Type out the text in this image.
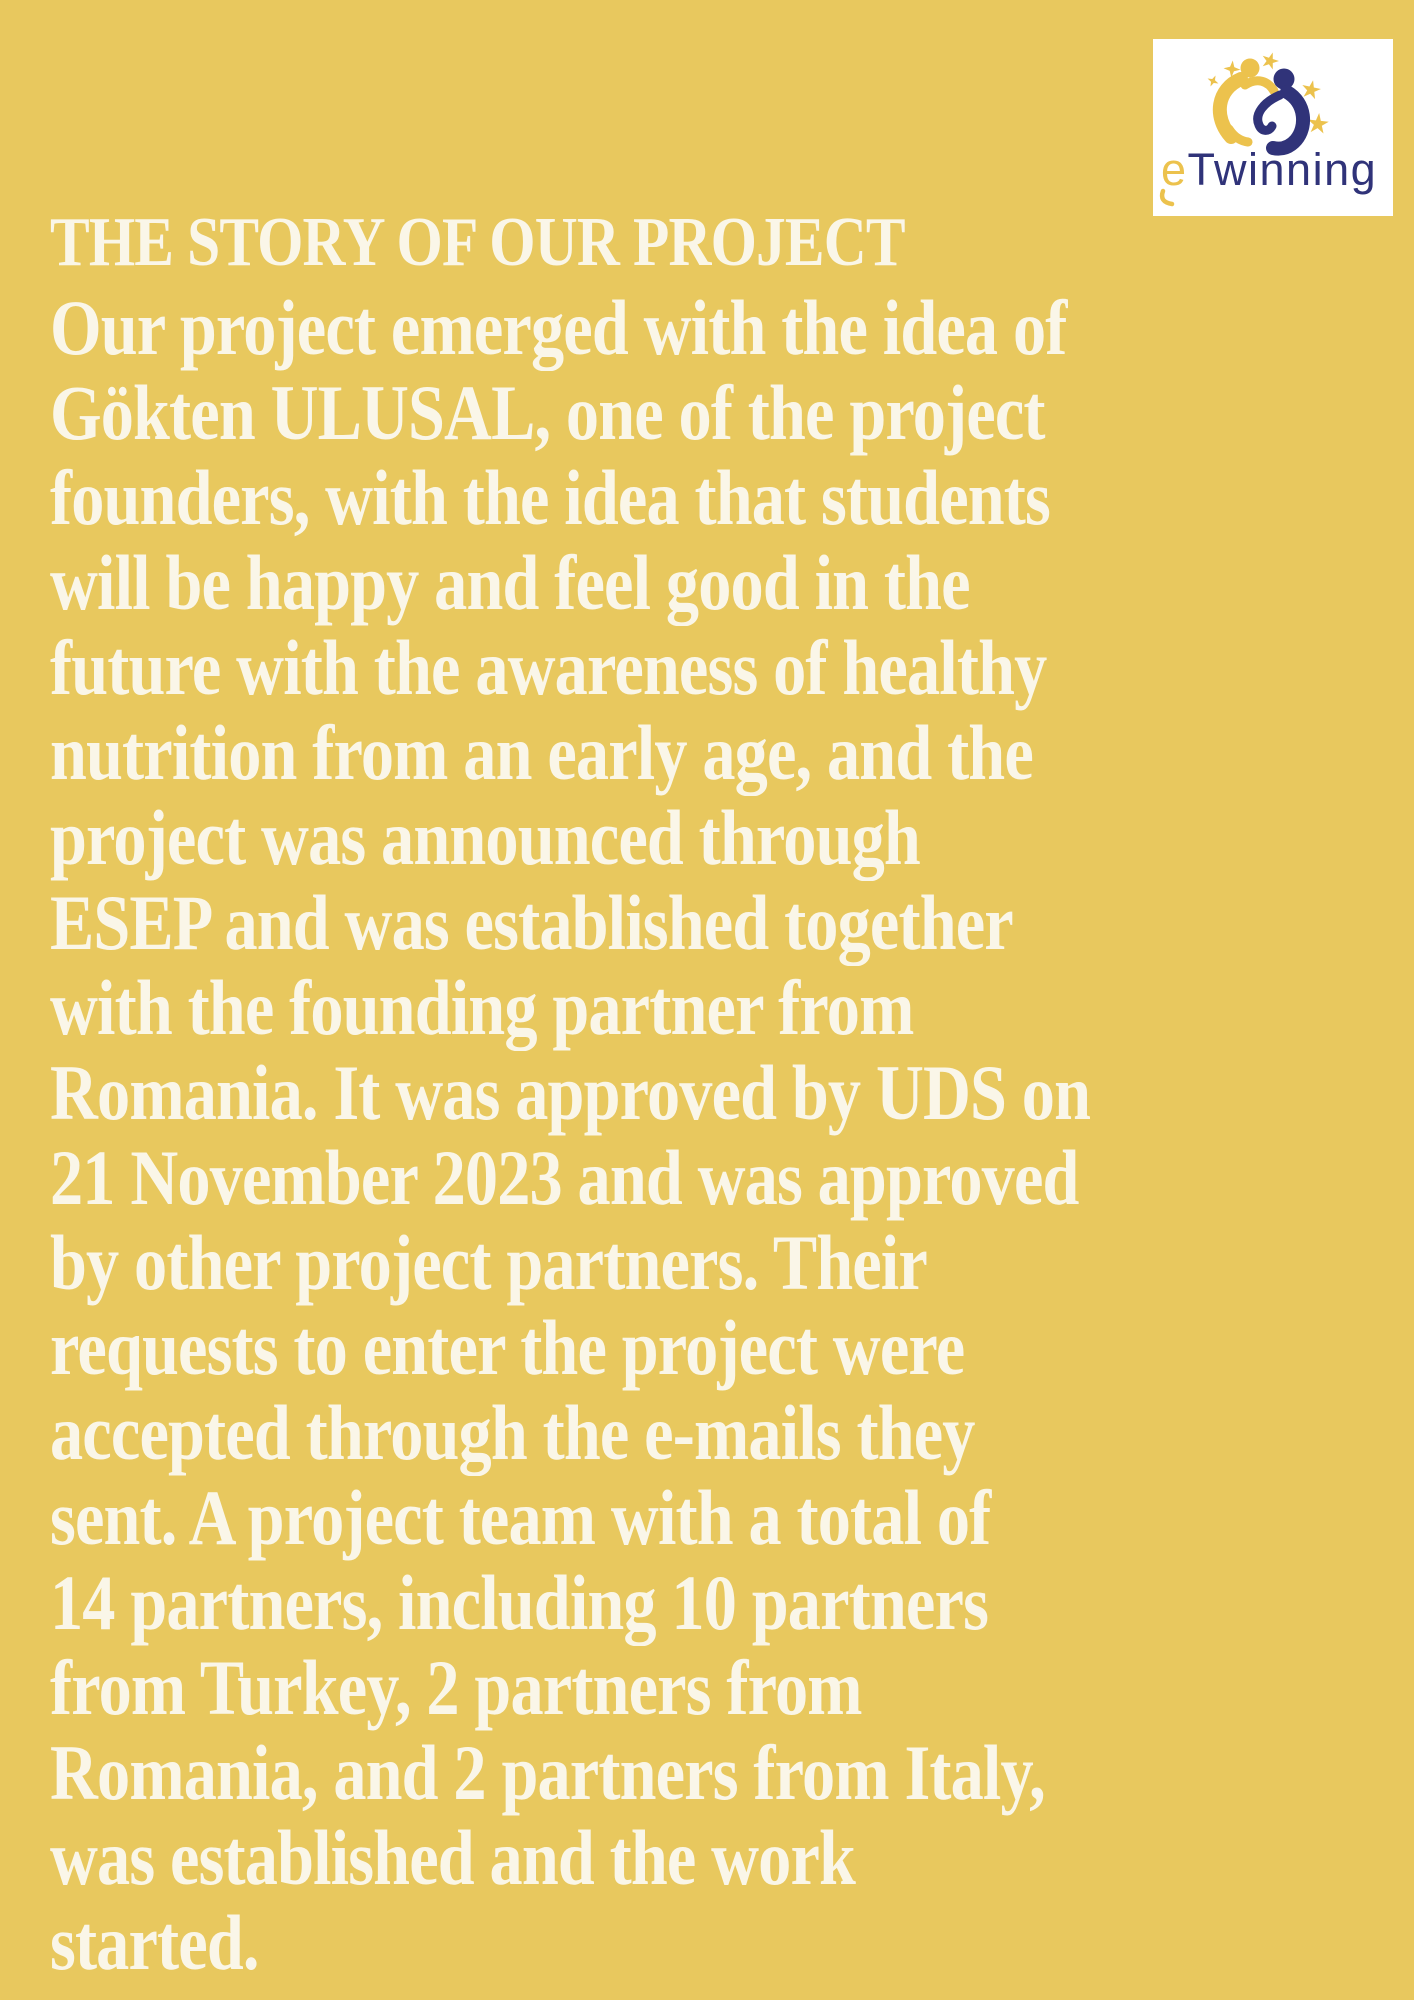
eTwinning
THE STORY OF OUR PROJECT
Our project emerged with the idea of
Gökten ULUSAL, one of the project
founders, with the idea that students
will be happy and feel good in the
future with the awareness of healthy
nutrition from an early age, and the
project was announced through
ESEP and was established together
with the founding partner from
Romania. It was approved by UDS on
21 November 2023 and was approved
by other project partners. Their
requests to enter the project were
accepted through the e-mails they
sent. A project team with a total of
14 partners, including 10 partners
from Turkey, 2 partners from
Romania, and 2 partners from Italy,
was established and the work
started.
